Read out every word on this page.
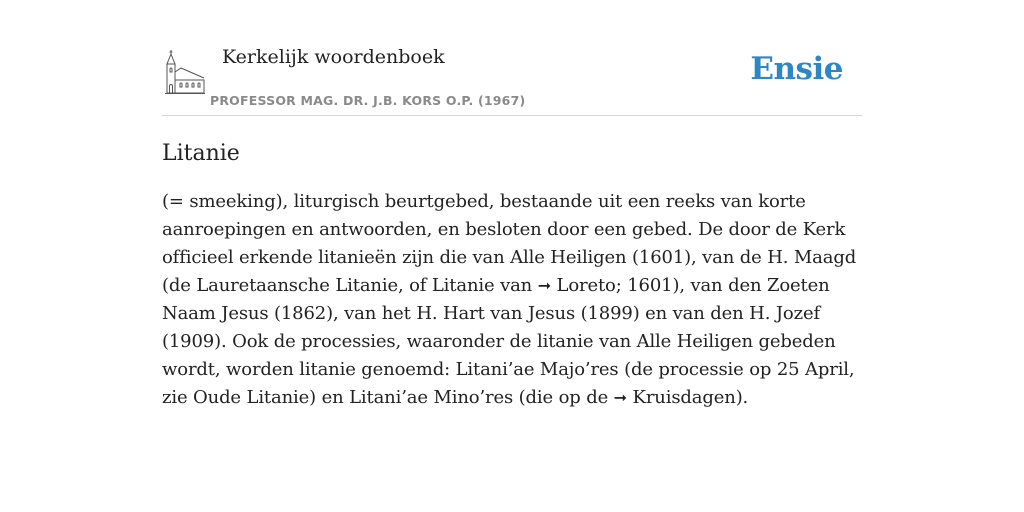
Kerkelijk woordenboek
PROFESSOR MAG. DR. J.B. KORS O.P. (1967)
Ensie
Litanie

(= smeeking), liturgisch beurtgebed, bestaande uit een reeks van korte aanroepingen en antwoorden, en besloten door een gebed. De door de Kerk officieel erkende litanieën zijn die van Alle Heiligen (1601), van de H. Maagd (de Lauretaansche Litanie, of Litanie van ➞ Loreto; 1601), van den Zoeten Naam Jesus (1862), van het H. Hart van Jesus (1899) en van den H. Jozef (1909). Ook de processies, waaronder de litanie van Alle Heiligen gebeden wordt, worden litanie genoemd: Litani’ae Majo’res (de processie op 25 April, zie Oude Litanie) en Litani’ae Mino’res (die op de ➞ Kruisdagen).
